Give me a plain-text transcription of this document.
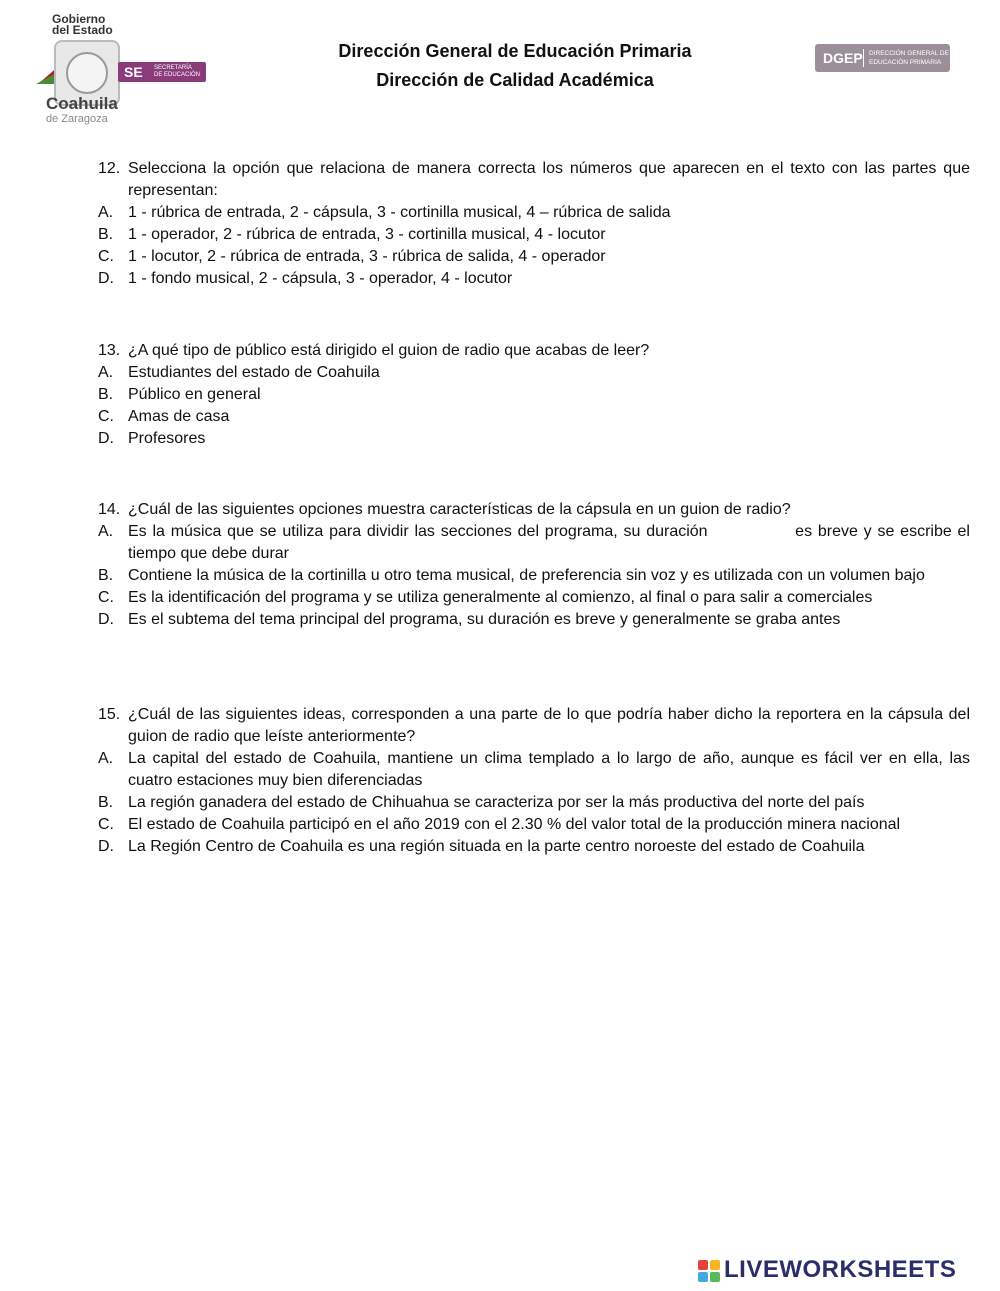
Gobierno
del Estado
SE SECRETARÍA
DE EDUCACIÓN
Coahuila
de Zaragoza
Dirección General de Educación Primaria
Dirección de Calidad Académica
DGEP DIRECCIÓN GENERAL DE
EDUCACIÓN PRIMARIA
12. Selecciona la opción que relaciona de manera correcta los números que aparecen en el texto con las partes que representan:
A. 1 - rúbrica de entrada, 2 - cápsula, 3 - cortinilla musical, 4 – rúbrica de salida
B. 1 - operador, 2 - rúbrica de entrada, 3 - cortinilla musical, 4 - locutor
C. 1 - locutor, 2 - rúbrica de entrada, 3 - rúbrica de salida, 4 - operador
D. 1 - fondo musical, 2 - cápsula, 3 - operador, 4 - locutor
13. ¿A qué tipo de público está dirigido el guion de radio que acabas de leer?
A. Estudiantes del estado de Coahuila
B. Público en general
C. Amas de casa
D. Profesores
14. ¿Cuál de las siguientes opciones muestra características de la cápsula en un guion de radio?
A. Es la música que se utiliza para dividir las secciones del programa, su duración	es breve y se escribe el tiempo que debe durar
B. Contiene la música de la cortinilla u otro tema musical, de preferencia sin voz y es utilizada con un volumen bajo
C. Es la identificación del programa y se utiliza generalmente al comienzo, al final o para salir a comerciales
D. Es el subtema del tema principal del programa, su duración es breve y generalmente se graba antes
15. ¿Cuál de las siguientes ideas, corresponden a una parte de lo que podría haber dicho la reportera en la cápsula del guion de radio que leíste anteriormente?
A. La capital del estado de Coahuila, mantiene un clima templado a lo largo de año, aunque es fácil ver en ella, las cuatro estaciones muy bien diferenciadas
B. La región ganadera del estado de Chihuahua se caracteriza por ser la más productiva del norte del país
C. El estado de Coahuila participó en el año 2019 con el 2.30 % del valor total de la producción minera nacional
D. La Región Centro de Coahuila es una región situada en la parte centro noroeste del estado de Coahuila
LIVEWORKSHEETS
